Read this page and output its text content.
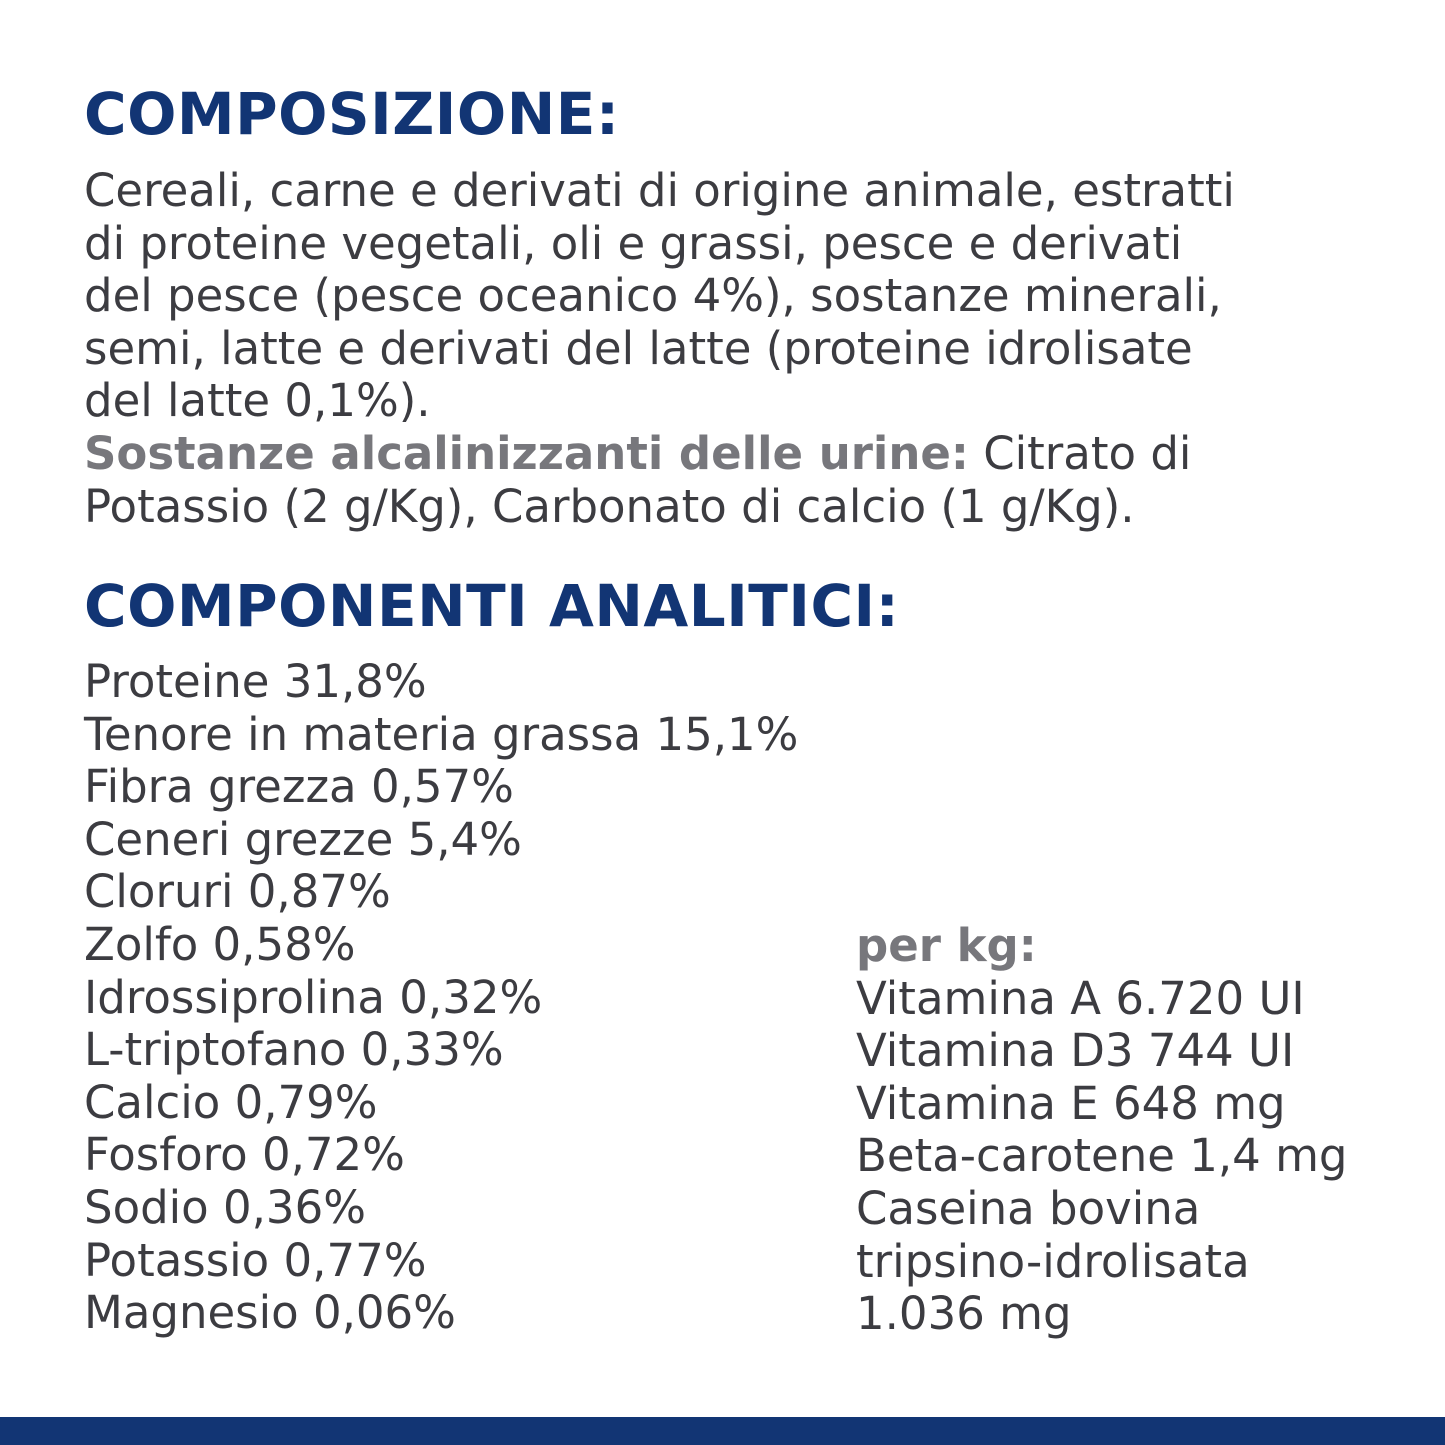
COMPOSIZIONE:
Cereali, carne e derivati di origine animale, estratti
di proteine vegetali, oli e grassi, pesce e derivati
del pesce (pesce oceanico 4%), sostanze minerali,
semi, latte e derivati del latte (proteine idrolisate
del latte 0,1%).
Sostanze alcalinizzanti delle urine: Citrato di
Potassio (2 g/Kg), Carbonato di calcio (1 g/Kg).
COMPONENTI ANALITICI:
Proteine 31,8%
Tenore in materia grassa 15,1%
Fibra grezza 0,57%
Ceneri grezze 5,4%
Cloruri 0,87%
Zolfo 0,58%
Idrossiprolina 0,32%
L-triptofano 0,33%
Calcio 0,79%
Fosforo 0,72%
Sodio 0,36%
Potassio 0,77%
Magnesio 0,06%
per kg:
Vitamina A 6.720 UI
Vitamina D3 744 UI
Vitamina E 648 mg
Beta-carotene 1,4 mg
Caseina bovina
tripsino-idrolisata
1.036 mg
